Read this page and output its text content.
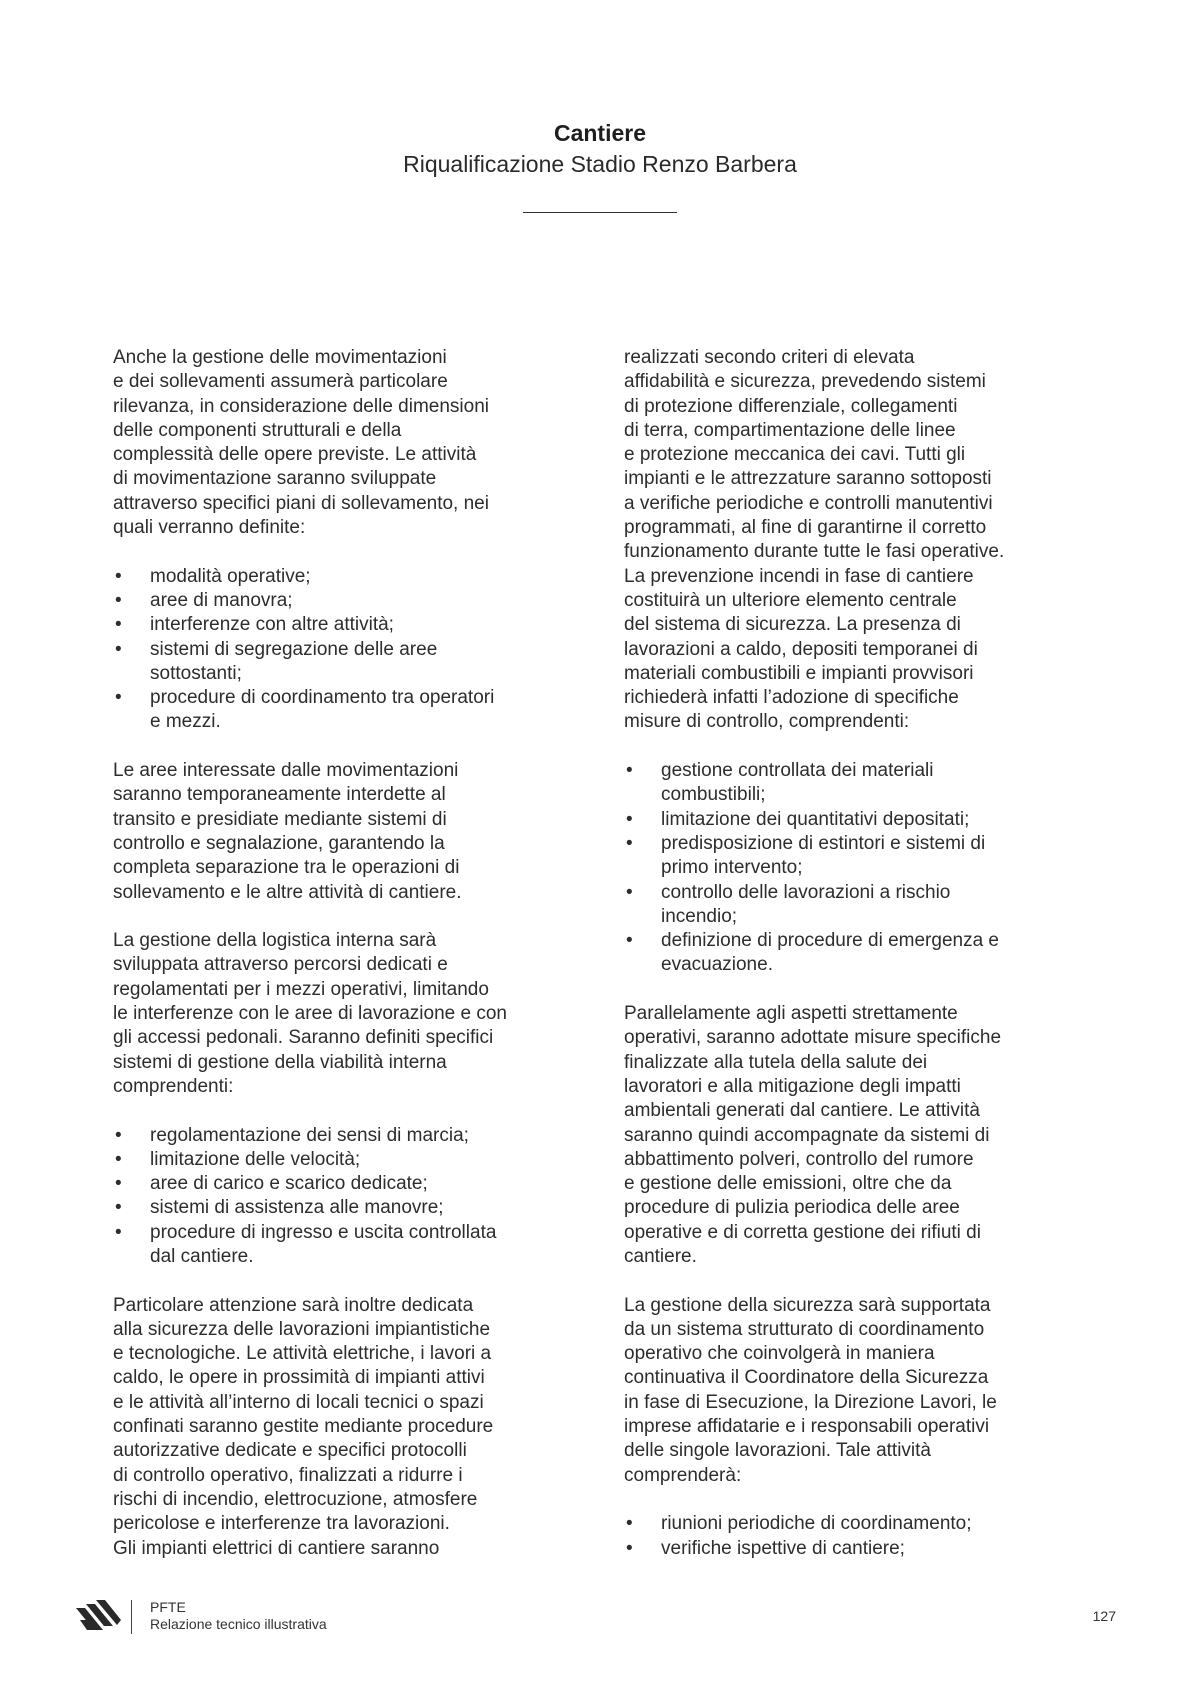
Cantiere
Riqualificazione Stadio Renzo Barbera

Anche la gestione delle movimentazioni
e dei sollevamenti assumerà particolare
rilevanza, in considerazione delle dimensioni
delle componenti strutturali e della
complessità delle opere previste. Le attività
di movimentazione saranno sviluppate
attraverso specifici piani di sollevamento, nei
quali verranno definite:

• modalità operative;
• aree di manovra;
• interferenze con altre attività;
• sistemi di segregazione delle aree
sottostanti;
• procedure di coordinamento tra operatori
e mezzi.

Le aree interessate dalle movimentazioni
saranno temporaneamente interdette al
transito e presidiate mediante sistemi di
controllo e segnalazione, garantendo la
completa separazione tra le operazioni di
sollevamento e le altre attività di cantiere.

La gestione della logistica interna sarà
sviluppata attraverso percorsi dedicati e
regolamentati per i mezzi operativi, limitando
le interferenze con le aree di lavorazione e con
gli accessi pedonali. Saranno definiti specifici
sistemi di gestione della viabilità interna
comprendenti:

• regolamentazione dei sensi di marcia;
• limitazione delle velocità;
• aree di carico e scarico dedicate;
• sistemi di assistenza alle manovre;
• procedure di ingresso e uscita controllata
dal cantiere.

Particolare attenzione sarà inoltre dedicata
alla sicurezza delle lavorazioni impiantistiche
e tecnologiche. Le attività elettriche, i lavori a
caldo, le opere in prossimità di impianti attivi
e le attività all’interno di locali tecnici o spazi
confinati saranno gestite mediante procedure
autorizzative dedicate e specifici protocolli
di controllo operativo, finalizzati a ridurre i
rischi di incendio, elettrocuzione, atmosfere
pericolose e interferenze tra lavorazioni.
Gli impianti elettrici di cantiere saranno

realizzati secondo criteri di elevata
affidabilità e sicurezza, prevedendo sistemi
di protezione differenziale, collegamenti
di terra, compartimentazione delle linee
e protezione meccanica dei cavi. Tutti gli
impianti e le attrezzature saranno sottoposti
a verifiche periodiche e controlli manutentivi
programmati, al fine di garantirne il corretto
funzionamento durante tutte le fasi operative.
La prevenzione incendi in fase di cantiere
costituirà un ulteriore elemento centrale
del sistema di sicurezza. La presenza di
lavorazioni a caldo, depositi temporanei di
materiali combustibili e impianti provvisori
richiederà infatti l’adozione di specifiche
misure di controllo, comprendenti:

• gestione controllata dei materiali
combustibili;
• limitazione dei quantitativi depositati;
• predisposizione di estintori e sistemi di
primo intervento;
• controllo delle lavorazioni a rischio
incendio;
• definizione di procedure di emergenza e
evacuazione.

Parallelamente agli aspetti strettamente
operativi, saranno adottate misure specifiche
finalizzate alla tutela della salute dei
lavoratori e alla mitigazione degli impatti
ambientali generati dal cantiere. Le attività
saranno quindi accompagnate da sistemi di
abbattimento polveri, controllo del rumore
e gestione delle emissioni, oltre che da
procedure di pulizia periodica delle aree
operative e di corretta gestione dei rifiuti di
cantiere.

La gestione della sicurezza sarà supportata
da un sistema strutturato di coordinamento
operativo che coinvolgerà in maniera
continuativa il Coordinatore della Sicurezza
in fase di Esecuzione, la Direzione Lavori, le
imprese affidatarie e i responsabili operativi
delle singole lavorazioni. Tale attività
comprenderà:

• riunioni periodiche di coordinamento;
• verifiche ispettive di cantiere;
PFTE
Relazione tecnico illustrativa	127
